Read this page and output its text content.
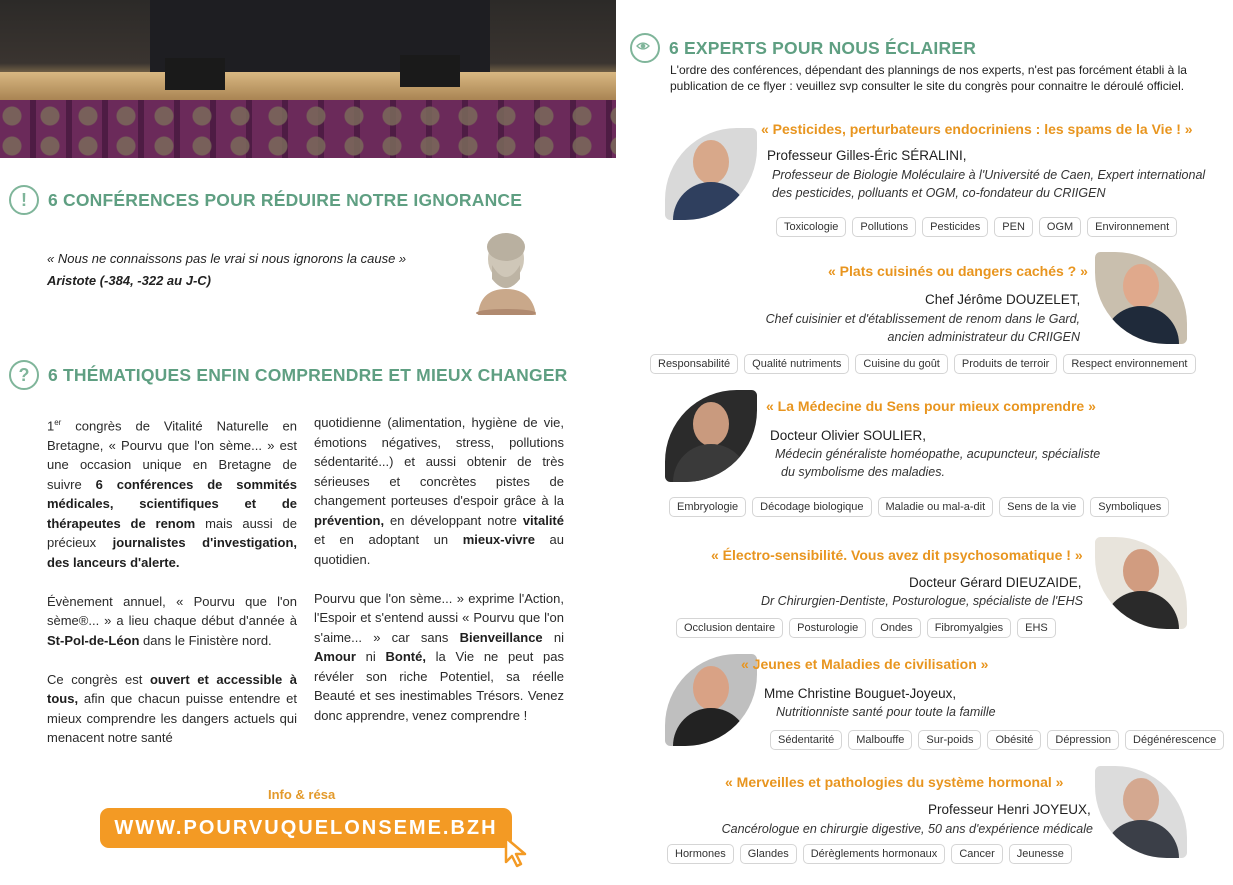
!	6 CONFÉRENCES POUR RÉDUIRE NOTRE IGNORANCE
« Nous ne connaissons pas le vrai si nous ignorons la cause »
Aristote (-384, -322 au J-C)
?	6 THÉMATIQUES ENFIN COMPRENDRE ET MIEUX CHANGER

1er congrès de Vitalité Naturelle en Bretagne, « Pourvu que l'on sème... » est une occasion unique en Bretagne de suivre 6 conférences de sommités médicales, scientifiques et de thérapeutes de renom mais aussi de précieux journalistes d'investigation, des lanceurs d'alerte.

Évènement annuel, « Pourvu que l'on sème®... » a lieu chaque début d'année à St-Pol-de-Léon dans le Finistère nord.

Ce congrès est ouvert et accessible à tous, afin que chacun puisse entendre et mieux comprendre les dangers actuels qui menacent notre santé

quotidienne (alimentation, hygiène de vie, émotions négatives, stress, pollutions sédentarité...) et aussi obtenir de très sérieuses et concrètes pistes de changement porteuses d'espoir grâce à la prévention, en développant notre vitalité et en adoptant un mieux-vivre au quotidien.

Pourvu que l'on sème... » exprime l'Action, l'Espoir et s'entend aussi « Pourvu que l'on s'aime... » car sans Bienveillance ni Amour ni Bonté, la Vie ne peut pas révéler son riche Potentiel, sa réelle Beauté et ses inestimables Trésors. Venez donc apprendre, venez comprendre !

Info & résa
WWW.POURVUQUELONSEME.BZH
6 EXPERTS POUR NOUS ÉCLAIRER
L'ordre des conférences, dépendant des plannings de nos experts, n'est pas forcément établi à la publication de ce flyer : veuillez svp consulter le site du congrès pour connaitre le déroulé officiel.
« Pesticides, perturbateurs endocriniens : les spams de la Vie ! »
Professeur Gilles-Éric SÉRALINI,
Professeur de Biologie Moléculaire à l'Université de Caen, Expert international
des pesticides, polluants et OGM, co-fondateur du CRIIGEN
Toxicologie	Pollutions	Pesticides	PEN	OGM	Environnement
« Plats cuisinés ou dangers cachés ? »
Chef Jérôme DOUZELET,
Chef cuisinier et d'établissement de renom dans le Gard,
ancien administrateur du CRIIGEN
Responsabilité	Qualité nutriments	Cuisine du goût	Produits de terroir	Respect environnement
« La Médecine du Sens pour mieux comprendre »
Docteur Olivier SOULIER,
Médecin généraliste homéopathe, acupuncteur, spécialiste
du symbolisme des maladies.
Embryologie	Décodage biologique	Maladie ou mal-a-dit	Sens de la vie	Symboliques
« Électro-sensibilité. Vous avez dit psychosomatique ! »
Docteur Gérard DIEUZAIDE,
Dr Chirurgien-Dentiste, Posturologue, spécialiste de l'EHS
Occlusion dentaire	Posturologie	Ondes	Fibromyalgies	EHS
« Jeunes et Maladies de civilisation »
Mme Christine Bouguet-Joyeux,
Nutritionniste santé pour toute la famille
Sédentarité	Malbouffe	Sur-poids	Obésité	Dépression	Dégénérescence
« Merveilles et pathologies du système hormonal »
Professeur Henri JOYEUX,
Cancérologue en chirurgie digestive, 50 ans d'expérience médicale
Hormones	Glandes	Dérèglements hormonaux	Cancer	Jeunesse
